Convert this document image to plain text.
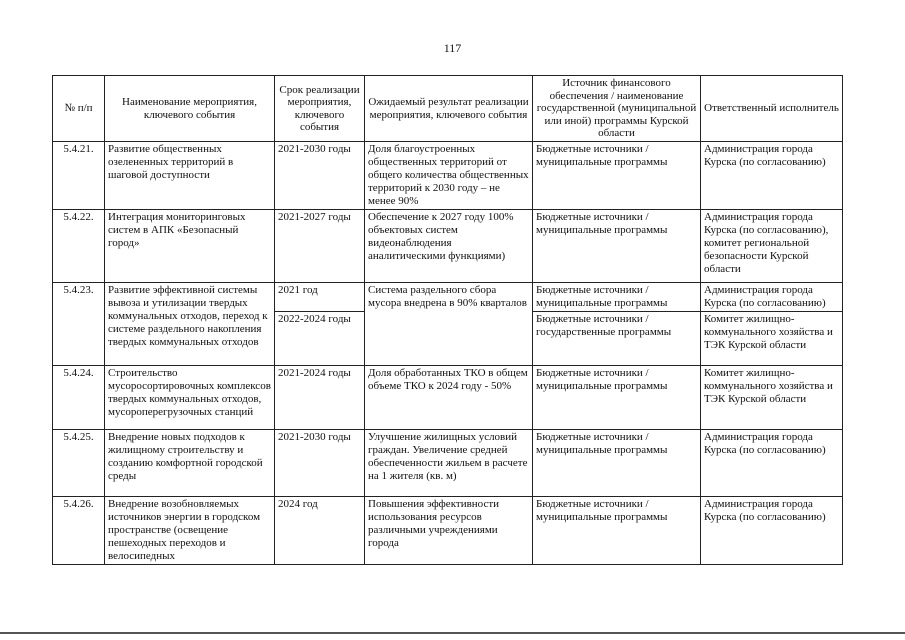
117
№ п/п	Наименование мероприятия, ключевого события	Срок реализации мероприятия, ключевого события	Ожидаемый результат реализации мероприятия, ключевого события	Источник финансового обеспечения / наименование государственной (муниципальной или иной) программы Курской области	Ответственный исполнитель
5.4.21.	Развитие общественных озелененных территорий в шаговой доступности	2021-2030 годы	Доля благоустроенных общественных территорий от общего количества общественных территорий к 2030 году – не менее 90%	Бюджетные источники / муниципальные программы	Администрация города Курска (по согласованию)
5.4.22.	Интеграция мониторинговых систем в АПК «Безопасный город»	2021-2027 годы	Обеспечение к 2027 году 100% объектовых систем видеонаблюдения аналитическими функциями)	Бюджетные источники / муниципальные программы	Администрация города Курска (по согласованию), комитет региональной безопасности Курской области
5.4.23.	Развитие эффективной системы вывоза и утилизации твердых коммунальных отходов, переход к системе раздельного накопления твердых коммунальных отходов	2021 год	Система раздельного сбора мусора внедрена в 90% кварталов	Бюджетные источники / муниципальные программы	Администрация города Курска (по согласованию)
		2022-2024 годы		Бюджетные источники / государственные программы	Комитет жилищно-коммунального хозяйства и ТЭК Курской области
5.4.24.	Строительство мусоросортировочных комплексов твердых коммунальных отходов, мусороперегрузочных станций	2021-2024 годы	Доля обработанных ТКО в общем объеме ТКО к 2024 году - 50%	Бюджетные источники / муниципальные программы	Комитет жилищно-коммунального хозяйства и ТЭК Курской области
5.4.25.	Внедрение новых подходов к жилищному строительству и созданию комфортной городской среды	2021-2030 годы	Улучшение жилищных условий граждан. Увеличение средней обеспеченности жильем в расчете на 1 жителя (кв. м)	Бюджетные источники / муниципальные программы	Администрация города Курска (по согласованию)
5.4.26.	Внедрение возобновляемых источников энергии в городском пространстве (освещение пешеходных переходов и велосипедных	2024 год	Повышения эффективности использования ресурсов различными учреждениями города	Бюджетные источники / муниципальные программы	Администрация города Курска (по согласованию)
